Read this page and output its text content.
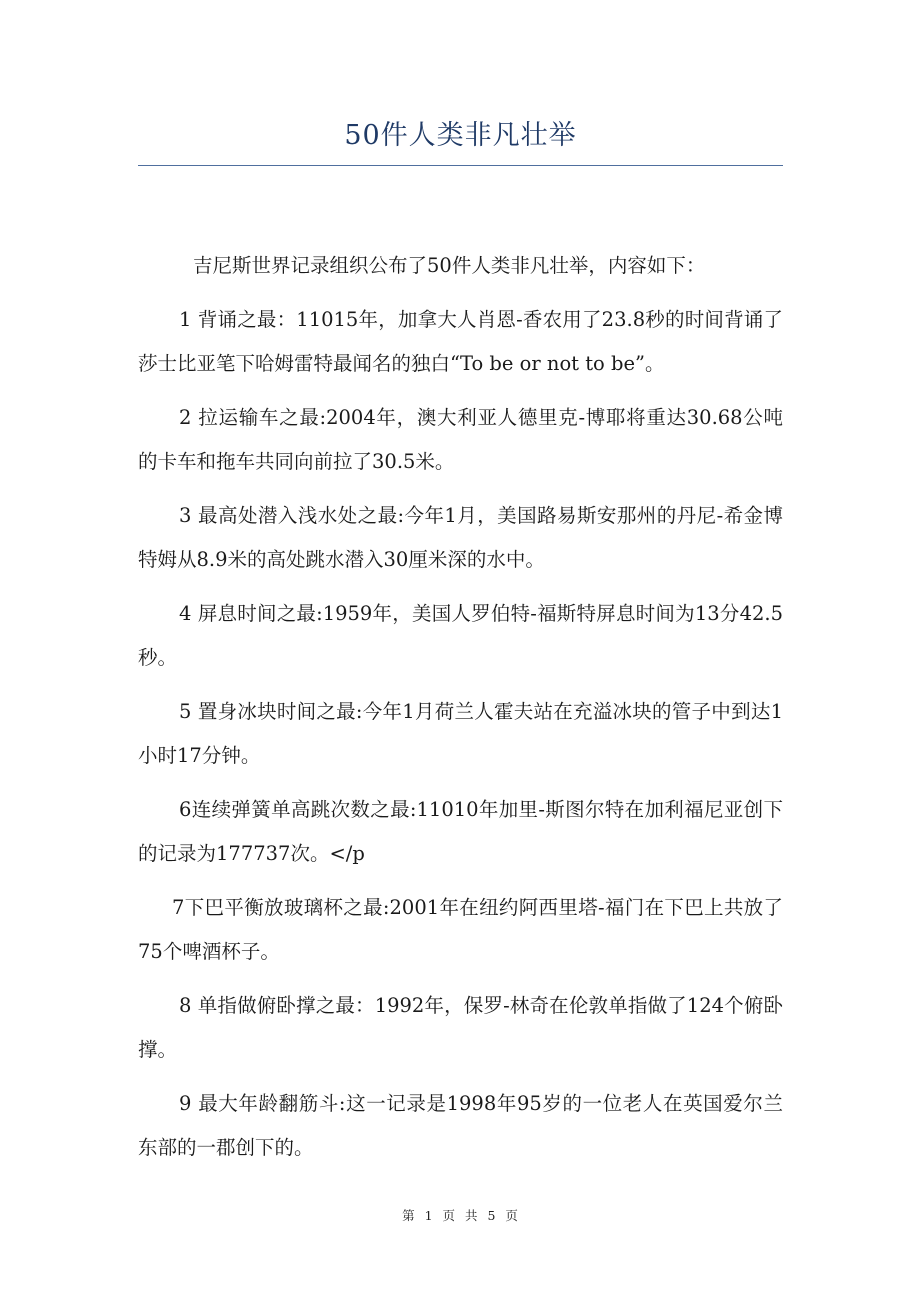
50件人类非凡壮举

吉尼斯世界记录组织公布了50件人类非凡壮举，内容如下：

1 背诵之最：11015年，加拿大人肖恩-香农用了23.8秒的时间背诵了莎士比亚笔下哈姆雷特最闻名的独白“To be or not to be”。

2 拉运输车之最:2004年，澳大利亚人德里克-博耶将重达30.68公吨的卡车和拖车共同向前拉了30.5米。

3 最高处潜入浅水处之最:今年1月，美国路易斯安那州的丹尼-希金博特姆从8.9米的高处跳水潜入30厘米深的水中。

4 屏息时间之最:1959年，美国人罗伯特-福斯特屏息时间为13分42.5秒。

5 置身冰块时间之最:今年1月荷兰人霍夫站在充溢冰块的管子中到达1小时17分钟。

6连续弹簧单高跳次数之最:11010年加里-斯图尔特在加利福尼亚创下的记录为177737次。</p

7下巴平衡放玻璃杯之最:2001年在纽约阿西里塔-福门在下巴上共放了75个啤酒杯子。

8 单指做俯卧撑之最：1992年，保罗-林奇在伦敦单指做了124个俯卧撑。

9 最大年龄翻筋斗:这一记录是1998年95岁的一位老人在英国爱尔兰东部的一郡创下的。

第 1 页 共 5 页
